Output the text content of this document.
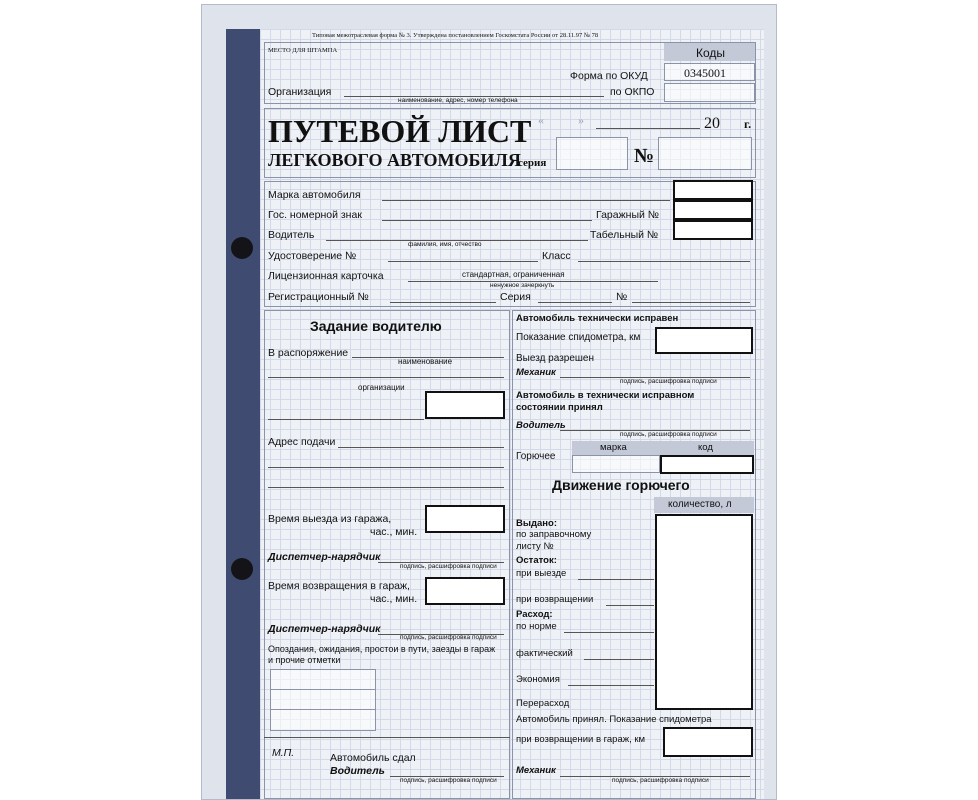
Типовая межотраслевая форма № 3. Утверждена постановлением Госкомстата России от 28.11.97 № 78
МЕСТО ДЛЯ ШТАМПА	Коды
Форма по ОКУД	0345001
Организация
наименование, адрес, номер телефона
по ОКПО
ПУТЕВОЙ ЛИСТ
ЛЕГКОВОГО АВТОМОБИЛЯ
серия	№
«	»	20 г.
Марка автомобиля
Гос. номерной знак	Гаражный №
Водитель
фамилия, имя, отчество
Табельный №
Удостоверение №	Класс
Лицензионная карточка	стандартная, ограниченная
ненужное зачеркнуть
Регистрационный №	Серия	№
Задание водителю
В распоряжение
наименование
организации
Адрес подачи
Время выезда из гаража,
час., мин.
Диспетчер-нарядчик
подпись, расшифровка подписи
Время возвращения в гараж,
час., мин.
Диспетчер-нарядчик
подпись, расшифровка подписи
Опоздания, ожидания, простои в пути, заезды в гараж
и прочие отметки
М.П.	Автомобиль сдал
Водитель
подпись, расшифровка подписи
Автомобиль технически исправен
Показание спидометра, км
Выезд разрешен
Механик
подпись, расшифровка подписи
Автомобиль в технически исправном
состоянии принял
Водитель
подпись, расшифровка подписи
марка	код
Горючее
Движение горючего
количество, л
Выдано:
по заправочному
листу №
Остаток:
при выезде
при возвращении
Расход:
по норме
фактический
Экономия
Перерасход
Автомобиль принял. Показание спидометра
при возвращении в гараж, км
Механик
подпись, расшифровка подписи
